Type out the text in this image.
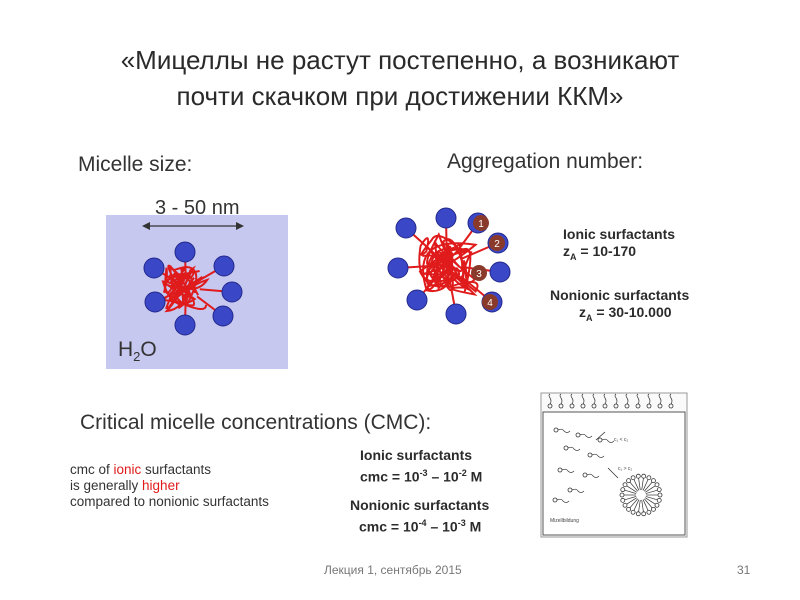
«Мицеллы не растут постепенно, а возникают
почти скачком при достижении ККМ»
Micelle size:
3 - 50 nm
$H_2O$
Aggregation number:
1
2
3
4
Ionic surfactants
$z_A = 10-170$
Nonionic surfactants
$z_A = 30-10.000$
Critical micelle concentrations (CMC):
cmc of ionic surfactants
is generally higher
compared to nonionic surfactants
Ionic surfactants
cmc = $10^{-3} - 10^{-2}$ M
Nonionic surfactants
cmc = $10^{-4} - 10^{-3}$ M
c₁ < c₂
c₁ > c₂
Mizellbildung
Лекция 1, сентябрь 2015	31
